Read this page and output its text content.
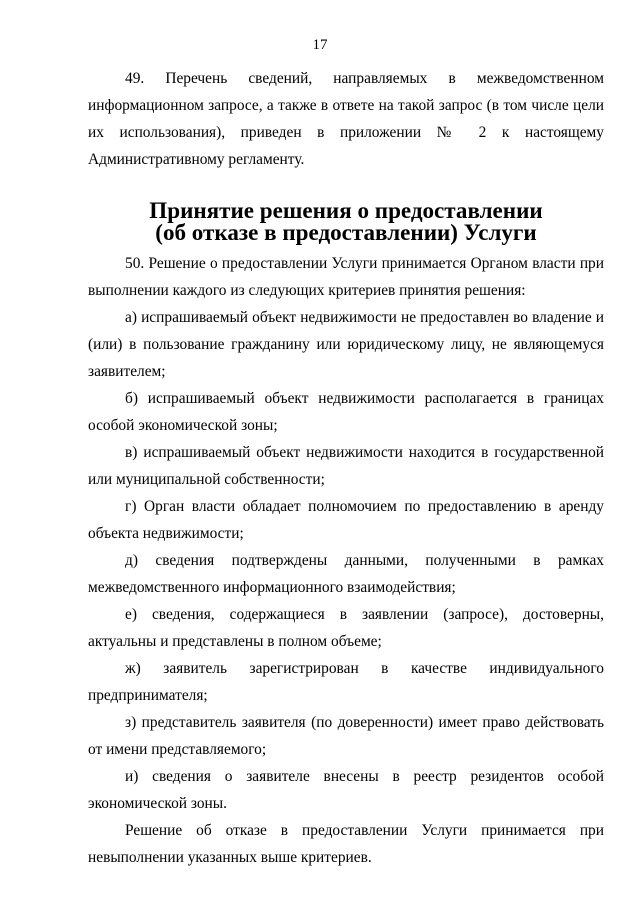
17

49. Перечень сведений, направляемых в межведомственном информационном запросе, а также в ответе на такой запрос (в том числе цели их использования), приведен в приложении № 2 к настоящему Административному регламенту.

Принятие решения о предоставлении
(об отказе в предоставлении) Услуги

50. Решение о предоставлении Услуги принимается Органом власти при выполнении каждого из следующих критериев принятия решения:

а) испрашиваемый объект недвижимости не предоставлен во владение и (или) в пользование гражданину или юридическому лицу, не являющемуся заявителем;

б) испрашиваемый объект недвижимости располагается в границах особой экономической зоны;

в) испрашиваемый объект недвижимости находится в государственной или муниципальной собственности;

г) Орган власти обладает полномочием по предоставлению в аренду объекта недвижимости;

д) сведения подтверждены данными, полученными в рамках межведомственного информационного взаимодействия;

е) сведения, содержащиеся в заявлении (запросе), достоверны, актуальны и представлены в полном объеме;

ж) заявитель зарегистрирован в качестве индивидуального предпринимателя;

з) представитель заявителя (по доверенности) имеет право действовать от имени представляемого;

и) сведения о заявителе внесены в реестр резидентов особой экономической зоны.

Решение об отказе в предоставлении Услуги принимается при невыполнении указанных выше критериев.
